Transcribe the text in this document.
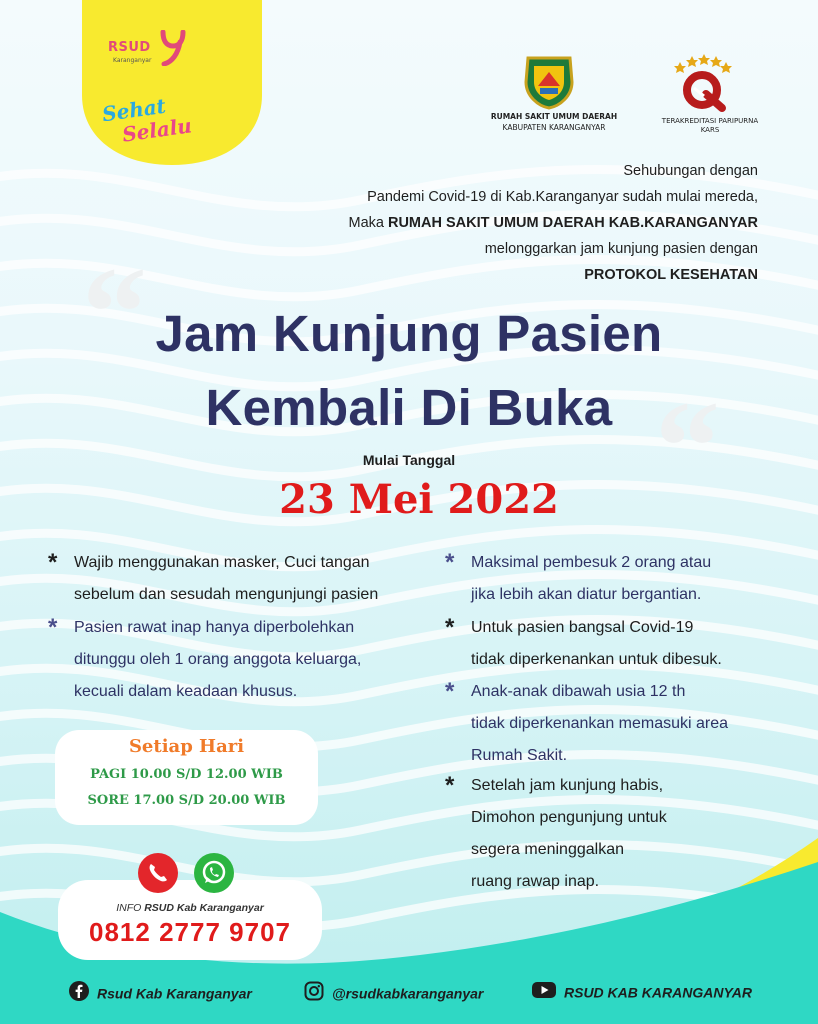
RSUD
Karanganyar
Sehat
Selalu	RUMAH SAKIT UMUM DAERAH
KABUPATEN KARANGANYAR
TERAKREDITASI PARIPURNA
KARS
Sehubungan dengan
Pandemi Covid-19 di Kab.Karanganyar sudah mulai mereda,
Maka RUMAH SAKIT UMUM DAERAH KAB.KARANGANYAR
melonggarkan jam kunjung pasien dengan
PROTOKOL KESEHATAN
“
“
Jam Kunjung Pasien
Kembali Di Buka
Mulai Tanggal
23 Mei 2022
* Wajib menggunakan masker, Cuci tangan
sebelum dan sesudah mengunjungi pasien
* Pasien rawat inap hanya diperbolehkan
ditunggu oleh 1 orang anggota keluarga,
kecuali dalam keadaan khusus.
* Maksimal pembesuk 2 orang atau
jika lebih akan diatur bergantian.
* Untuk pasien bangsal Covid-19
tidak diperkenankan untuk dibesuk.
* Anak-anak dibawah usia 12 th
tidak diperkenankan memasuki area
Rumah Sakit.
* Setelah jam kunjung habis,
Dimohon pengunjung untuk
segera meninggalkan
ruang rawap inap.
Setiap Hari
PAGI 10.00 S/D 12.00 WIB
SORE 17.00 S/D 20.00 WIB
INFO RSUD Kab Karanganyar
0812 2777 9707
Rsud Kab Karanganyar	@rsudkabkaranganyar	RSUD KAB KARANGANYAR
